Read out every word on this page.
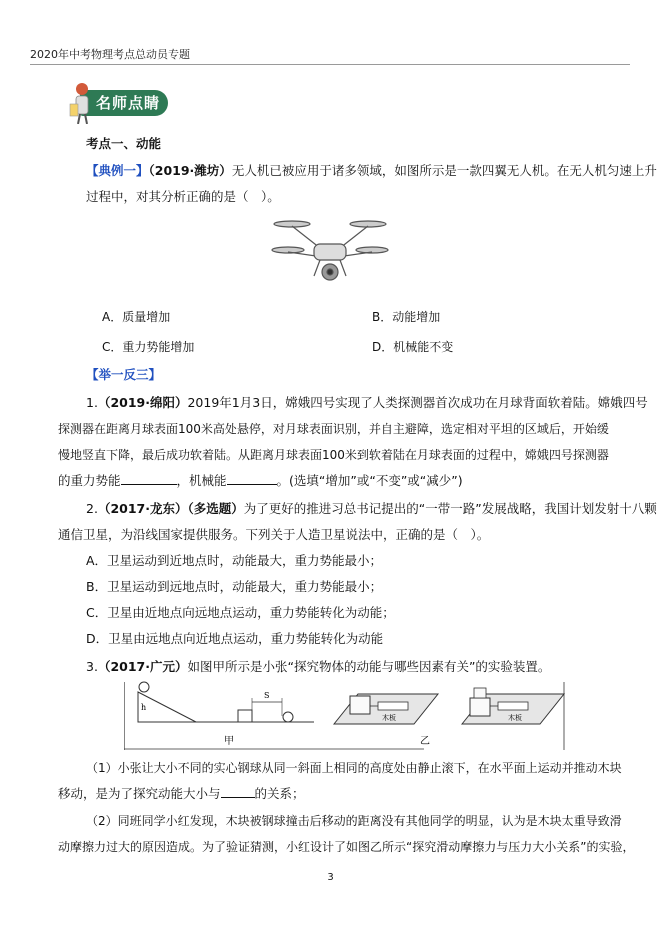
2020年中考物理考点总动员专题
名师点睛
考点一、动能
【典例一】（2019·潍坊）无人机已被应用于诸多领域，如图所示是一款四翼无人机。在无人机匀速上升
过程中，对其分析正确的是（　）。
A．质量增加	B．动能增加
C．重力势能增加	D．机械能不变
【举一反三】
1.（2019·绵阳）2019年1月3日，嫦娥四号实现了人类探测器首次成功在月球背面软着陆。嫦娥四号
探测器在距离月球表面100米高处悬停，对月球表面识别，并自主避障，选定相对平坦的区域后，开始缓
慢地竖直下降，最后成功软着陆。从距离月球表面100米到软着陆在月球表面的过程中，嫦娥四号探测器
的重力势能	，机械能	。(选填“增加”或“不变”或“减少”)
2.（2017·龙东）（多选题）为了更好的推进习总书记提出的“一带一路”发展战略，我国计划发射十八颗
通信卫星，为沿线国家提供服务。下列关于人造卫星说法中，正确的是（　）。
A．卫星运动到近地点时，动能最大，重力势能最小；
B．卫星运动到远地点时，动能最大，重力势能最小；
C．卫星由近地点向远地点运动，重力势能转化为动能；
D．卫星由远地点向近地点运动，重力势能转化为动能
3.（2017·广元）如图甲所示是小张“探究物体的动能与哪些因素有关”的实验装置。
h
S
甲
木板	木板
乙
（1）小张让大小不同的实心钢球从同一斜面上相同的高度处由静止滚下，在水平面上运动并推动木块
移动，是为了探究动能大小与	的关系；
（2）同班同学小红发现，木块被钢球撞击后移动的距离没有其他同学的明显，认为是木块太重导致滑
动摩擦力过大的原因造成。为了验证猜测，小红设计了如图乙所示“探究滑动摩擦力与压力大小关系”的实验，
3
